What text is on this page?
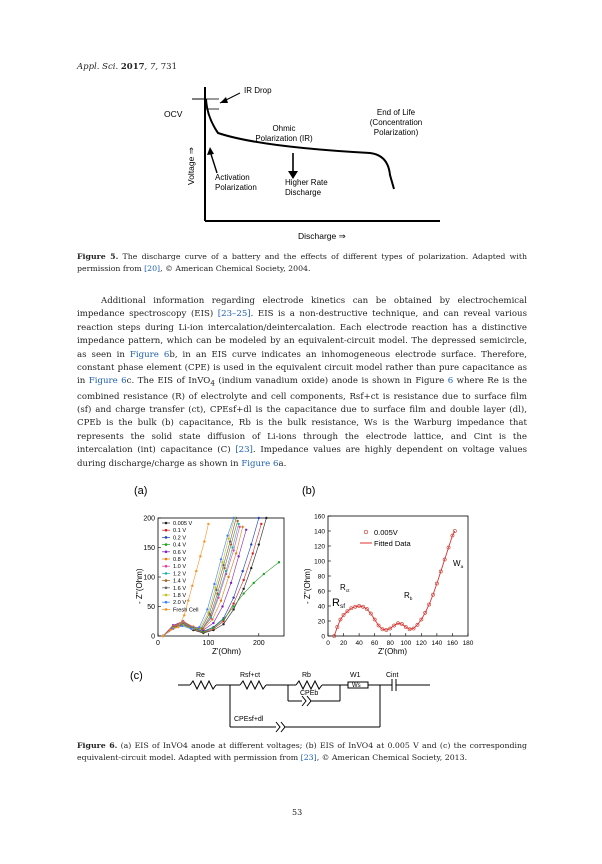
Appl. Sci. 2017, 7, 731
OCV
IR Drop
Ohmic
Polarization (IR)
End of Life
(Concentration
Polarization)
Activation
Polarization
Higher Rate
Discharge
Voltage ⇒
Discharge ⇒
Figure 5. The discharge curve of a battery and the effects of different types of polarization. Adapted with permission from [20], © American Chemical Society, 2004.
Additional information regarding electrode kinetics can be obtained by electrochemical impedance spectroscopy (EIS) [23–25]. EIS is a non-destructive technique, and can reveal various reaction steps during Li-ion intercalation/deintercalation. Each electrode reaction has a distinctive impedance pattern, which can be modeled by an equivalent-circuit model. The depressed semicircle, as seen in Figure 6b, in an EIS curve indicates an inhomogeneous electrode surface. Therefore, constant phase element (CPE) is used in the equivalent circuit model rather than pure capacitance as in Figure 6c. The EIS of InVO$_4$ (indium vanadium oxide) anode is shown in Figure 6 where Re is the combined resistance (R) of electrolyte and cell components, Rsf+ct is resistance due to surface film (sf) and charge transfer (ct), CPEsf+dl is the capacitance due to surface film and double layer (dl), CPEb is the bulk (b) capacitance, Rb is the bulk resistance, Ws is the Warburg impedance that represents the solid state diffusion of Li-ions through the electrode lattice, and Cint is the intercalation (int) capacitance (C) [23]. Impedance values are highly dependent on voltage values during discharge/charge as shown in Figure 6a.
(a)	(b)
0	100	200
0
50
100
150
200
0.005 V
0.1 V
0.2 V
0.4 V
0.6 V
0.8 V
1.0 V
1.2 V
1.4 V
1.6 V
1.8 V
2.0 V
Fresh Cell
0 20 40 60 80 100 120 140 160 180
0
20
40
60
80
100
120
140
160
0.005V
Fitted Data
Rsf
$R_{ct}$	$R_b$
$W_a$
- Z''(Ohm)
Z'(Ohm)
- Z''(Ohm)
Z'(Ohm)
(c)	Re	Rsf+ct	Rb	W1
Ws
Cint
CPEb
CPEsf+dl
Figure 6. (a) EIS of InVO4 anode at different voltages; (b) EIS of InVO4 at 0.005 V and (c) the corresponding equivalent-circuit model. Adapted with permission from [23], © American Chemical Society, 2013.
53
